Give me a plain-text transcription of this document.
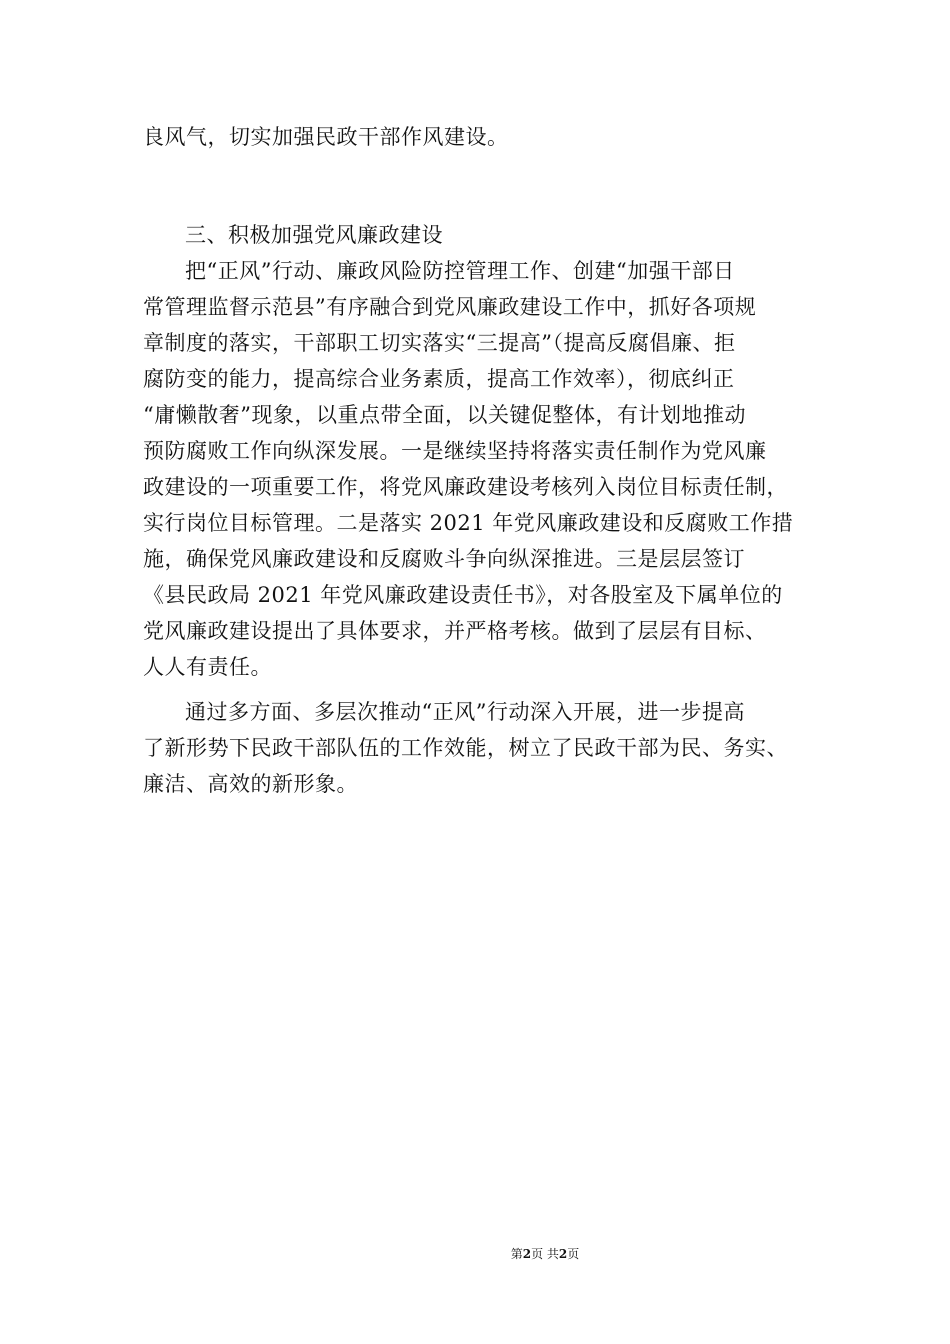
良风气，切实加强民政干部作风建设。
三、积极加强党风廉政建设
把“正风”行动、廉政风险防控管理工作、创建“加强干部日
常管理监督示范县”有序融合到党风廉政建设工作中，抓好各项规
章制度的落实，干部职工切实落实“三提高”（提高反腐倡廉、拒
腐防变的能力，提高综合业务素质，提高工作效率），彻底纠正
“庸懒散奢”现象，以重点带全面，以关键促整体，有计划地推动
预防腐败工作向纵深发展。一是继续坚持将落实责任制作为党风廉
政建设的一项重要工作，将党风廉政建设考核列入岗位目标责任制，
实行岗位目标管理。二是落实 2021 年党风廉政建设和反腐败工作措
施，确保党风廉政建设和反腐败斗争向纵深推进。三是层层签订
《县民政局 2021 年党风廉政建设责任书》，对各股室及下属单位的
党风廉政建设提出了具体要求，并严格考核。做到了层层有目标、
人人有责任。
通过多方面、多层次推动“正风”行动深入开展，进一步提高
了新形势下民政干部队伍的工作效能，树立了民政干部为民、务实、
廉洁、高效的新形象。
第2页 共2页
